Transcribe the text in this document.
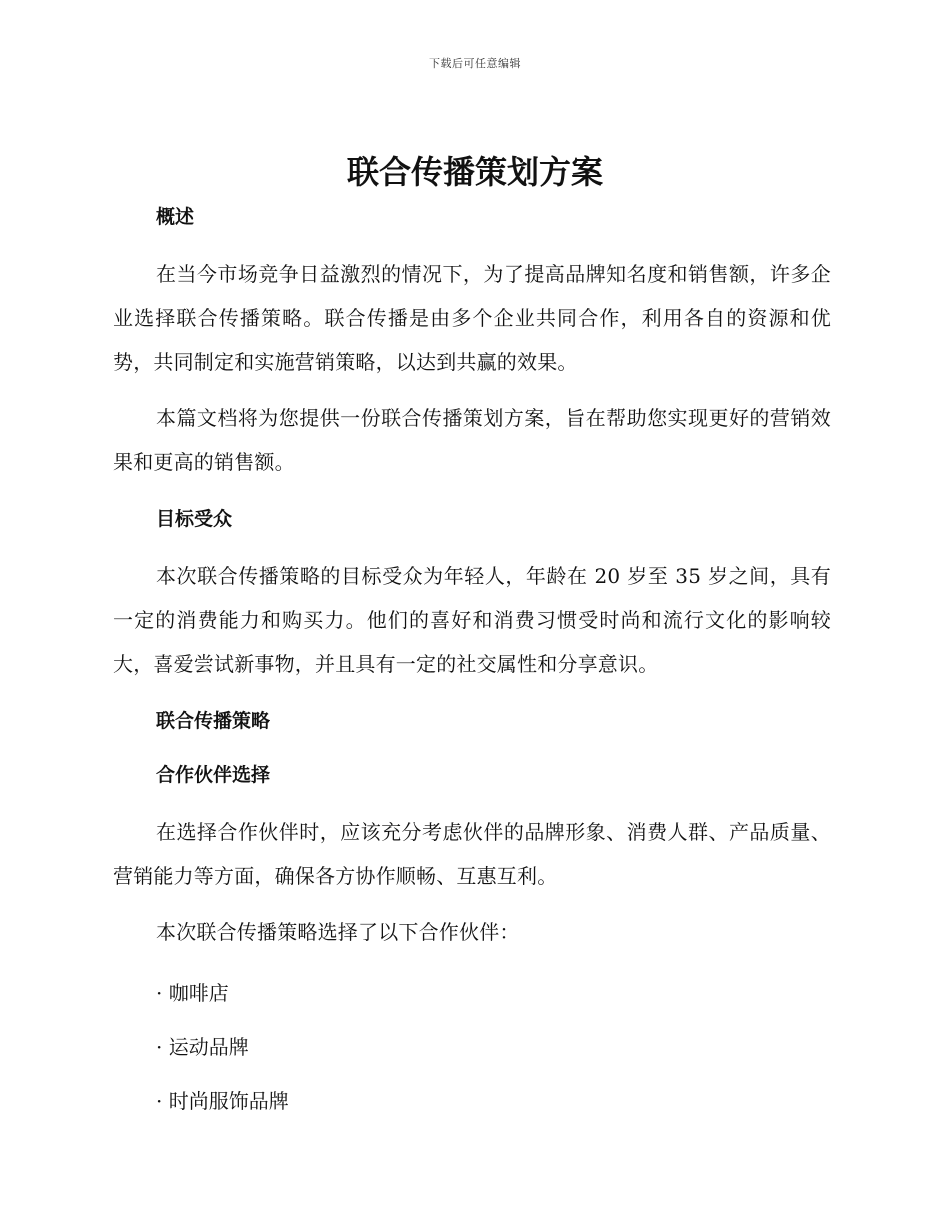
下载后可任意编辑
联合传播策划方案
概述

在当今市场竞争日益激烈的情况下，为了提高品牌知名度和销售额，许多企业选择联合传播策略。联合传播是由多个企业共同合作，利用各自的资源和优势，共同制定和实施营销策略，以达到共赢的效果。

本篇文档将为您提供一份联合传播策划方案，旨在帮助您实现更好的营销效果和更高的销售额。

目标受众

本次联合传播策略的目标受众为年轻人，年龄在 20 岁至 35 岁之间，具有一定的消费能力和购买力。他们的喜好和消费习惯受时尚和流行文化的影响较大，喜爱尝试新事物，并且具有一定的社交属性和分享意识。

联合传播策略
合作伙伴选择

在选择合作伙伴时，应该充分考虑伙伴的品牌形象、消费人群、产品质量、营销能力等方面，确保各方协作顺畅、互惠互利。

本次联合传播策略选择了以下合作伙伴：

· 咖啡店

· 运动品牌

· 时尚服饰品牌
